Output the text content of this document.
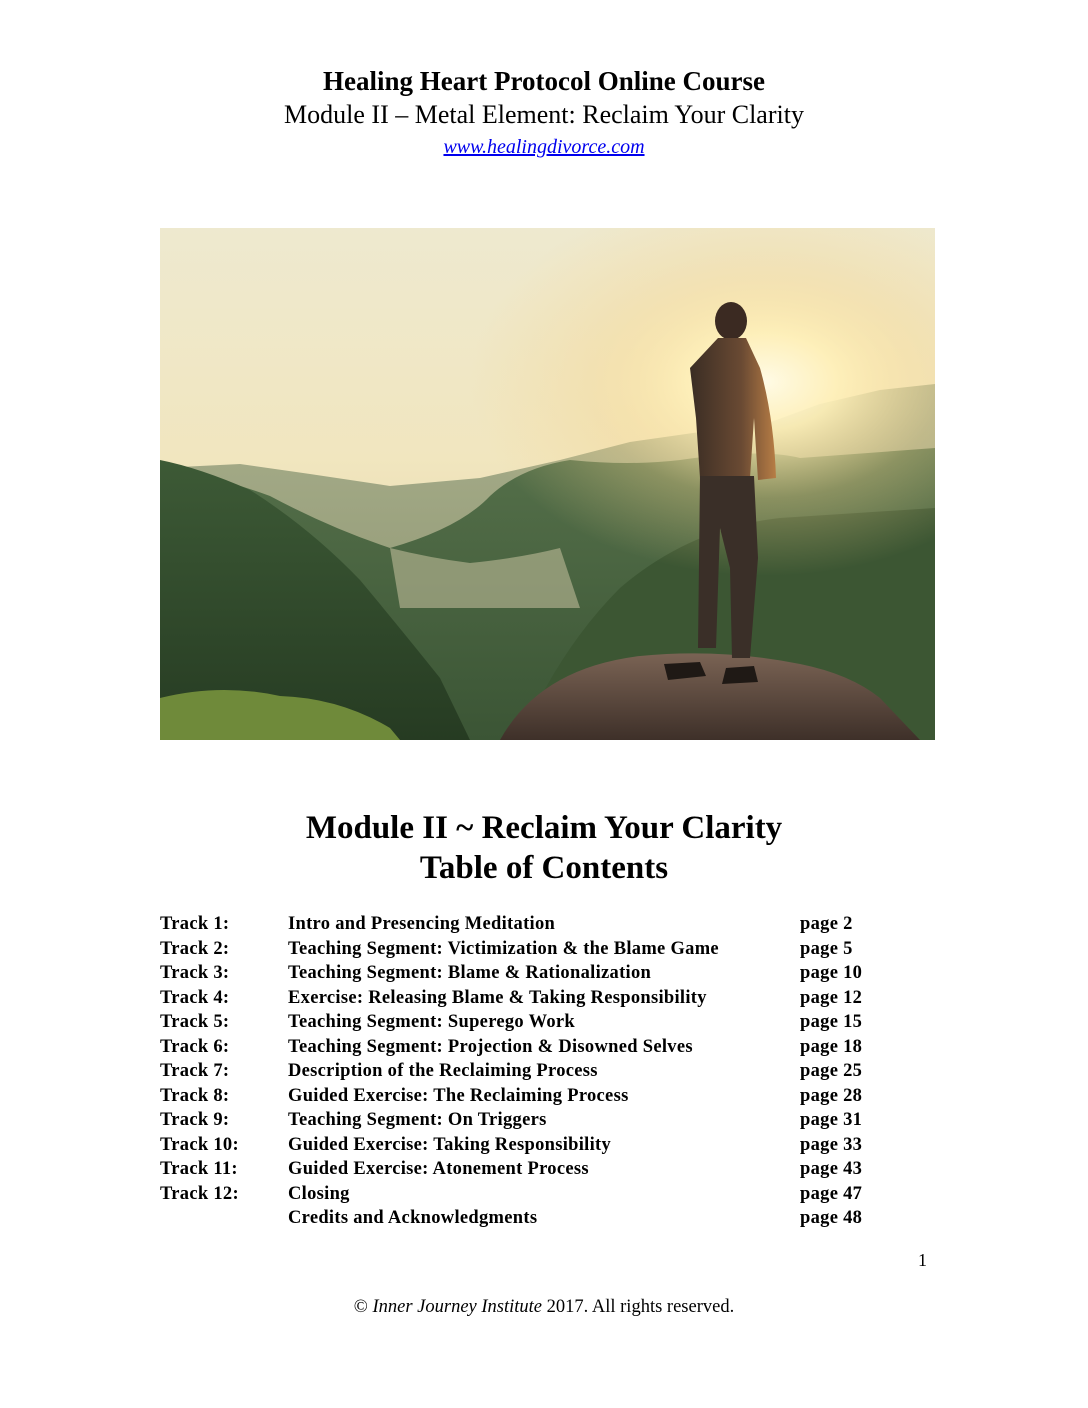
Healing Heart Protocol Online Course
Module II – Metal Element: Reclaim Your Clarity
www.healingdivorce.com
Module II ~ Reclaim Your Clarity
Table of Contents
Track 1:	Intro and Presencing Meditation	page 2
Track 2:	Teaching Segment: Victimization & the Blame Game	page 5
Track 3:	Teaching Segment: Blame & Rationalization	page 10
Track 4:	Exercise: Releasing Blame & Taking Responsibility	page 12
Track 5:	Teaching Segment: Superego Work	page 15
Track 6:	Teaching Segment: Projection & Disowned Selves	page 18
Track 7:	Description of the Reclaiming Process	page 25
Track 8:	Guided Exercise: The Reclaiming Process	page 28
Track 9:	Teaching Segment: On Triggers	page 31
Track 10:	Guided Exercise: Taking Responsibility	page 33
Track 11:	Guided Exercise: Atonement Process	page 43
Track 12:	Closing	page 47
Credits and Acknowledgments	page 48
1
© Inner Journey Institute 2017. All rights reserved.
